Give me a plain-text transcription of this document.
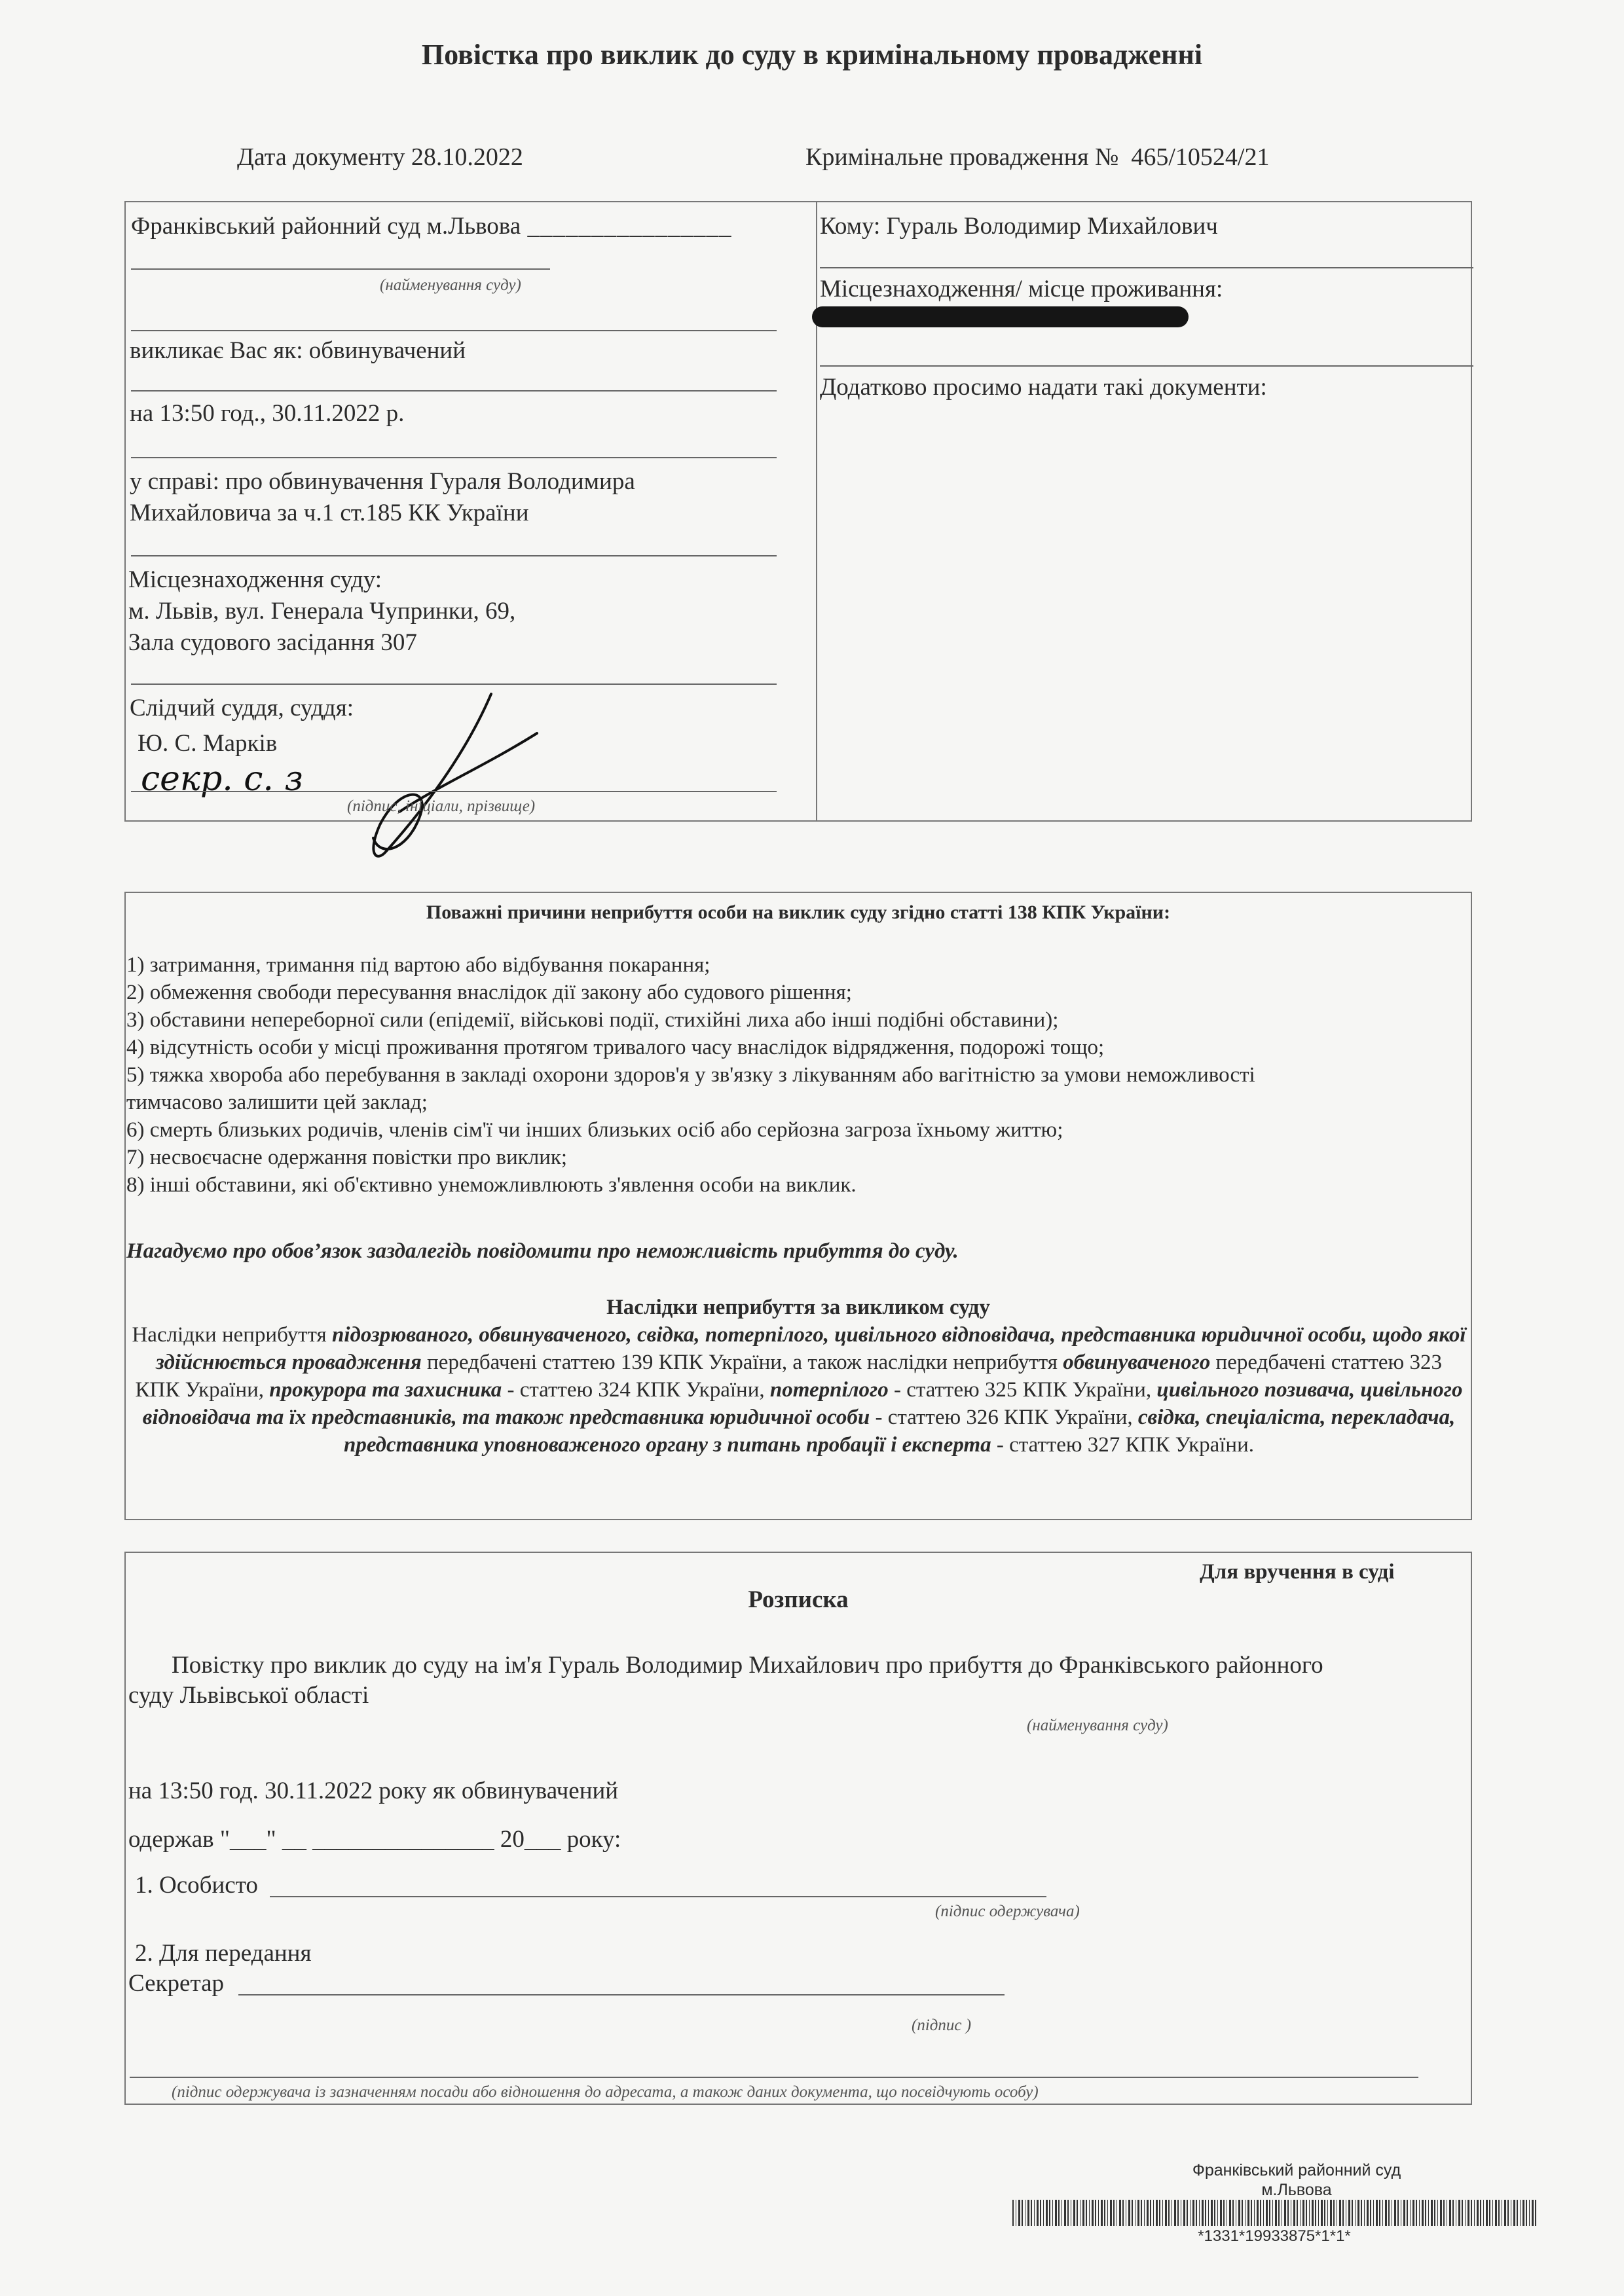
Повістка про виклик до суду в кримінальному провадженні
Дата документу 28.10.2022	Кримінальне провадження № 465/10524/21
Франківський районний суд м.Львова ________________
(найменування суду)
викликає Вас як: обвинувачений
на 13:50 год., 30.11.2022 р.
у справі: про обвинувачення Гураля Володимира
Михайловича за ч.1 ст.185 КК України
Місцезнаходження суду:
м. Львів, вул. Генерала Чупринки, 69,
Зала судового засідання 307
Слідчий суддя, суддя:
Ю. С. Марків
секр. с. з
(підпис, ініціали, прізвище)
Кому: Гураль Володимир Михайлович
Місцезнаходження/ місце проживання:
Додатково просимо надати такі документи:
Поважні причини неприбуття особи на виклик суду згідно статті 138 КПК України:
1) затримання, тримання під вартою або відбування покарання;
2) обмеження свободи пересування внаслідок дії закону або судового рішення;
3) обставини непереборної сили (епідемії, військові події, стихійні лиха або інші подібні обставини);
4) відсутність особи у місці проживання протягом тривалого часу внаслідок відрядження, подорожі тощо;
5) тяжка хвороба або перебування в закладі охорони здоров'я у зв'язку з лікуванням або вагітністю за умови неможливості
тимчасово залишити цей заклад;
6) смерть близьких родичів, членів сім'ї чи інших близьких осіб або серйозна загроза їхньому життю;
7) несвоєчасне одержання повістки про виклик;
8) інші обставини, які об'єктивно унеможливлюють з'явлення особи на виклик.
Нагадуємо про обов’язок заздалегідь повідомити про неможливість прибуття до суду.
Наслідки неприбуття за викликом суду
Наслідки неприбуття підозрюваного, обвинуваченого, свідка, потерпілого, цивільного відповідача, представника юридичної особи, щодо якої здійснюється провадження передбачені статтею 139 КПК України, а також наслідки неприбуття обвинуваченого передбачені статтею 323 КПК України, прокурора та захисника - статтею 324 КПК України, потерпілого - статтею 325 КПК України, цивільного позивача, цивільного відповідача та їх представників, та також представника юридичної особи - статтею 326 КПК України, свідка, спеціаліста, перекладача, представника уповноваженого органу з питань пробації і експерта - статтею 327 КПК України.
Для вручення в суді
Розписка
Повістку про виклик до суду на ім'я Гураль Володимир Михайлович про прибуття до Франківського районного
суду Львівської області
(найменування суду)
на 13:50 год. 30.11.2022 року як обвинувачений
одержав "___" __ _______________ 20___ року:
1. Особисто
(підпис одержувача)
2. Для передання
Секретар
(підпис )
(підпис одержувача із зазначенням посади або відношення до адресата, а також даних документа, що посвідчують особу)
Франківський районний суд
м.Львова
*1331*19933875*1*1*
